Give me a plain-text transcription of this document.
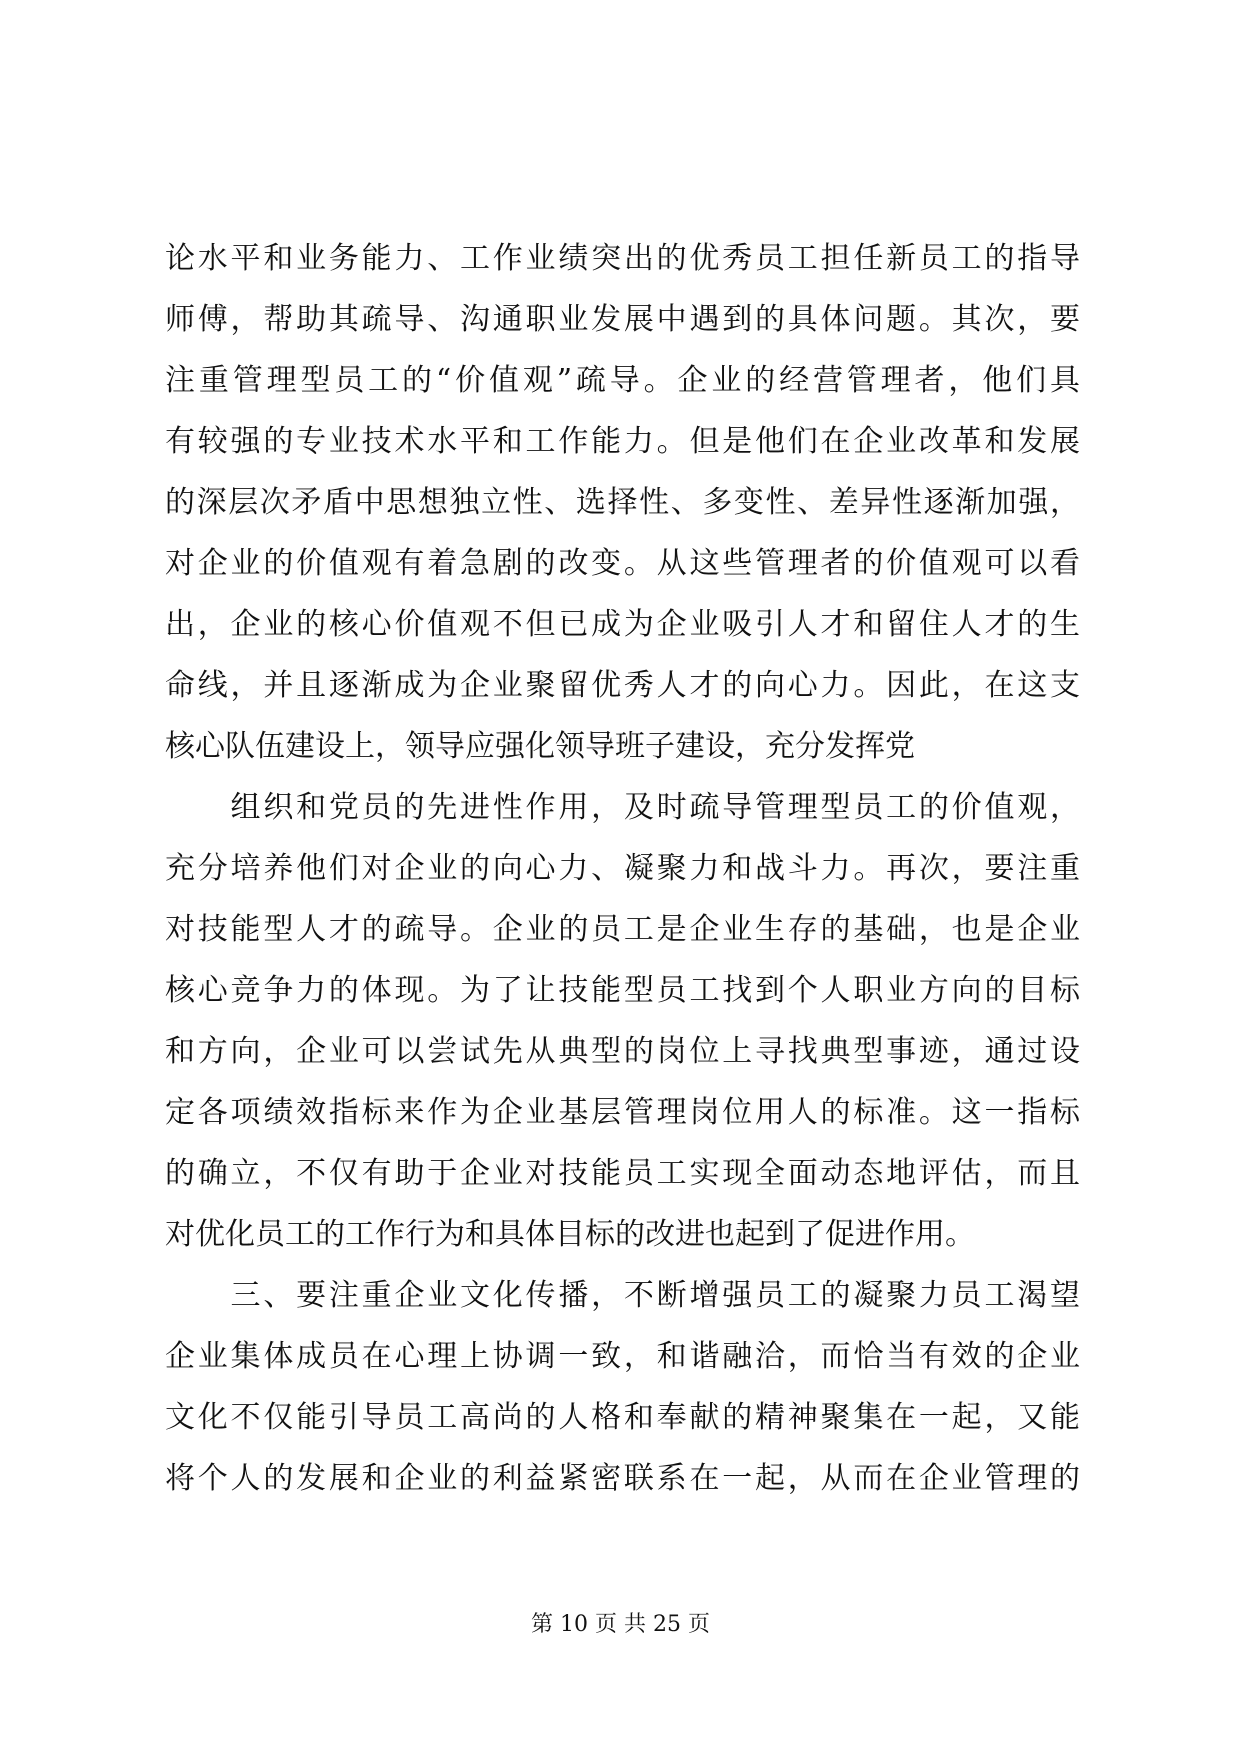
论水平和业务能力、工作业绩突出的优秀员工担任新员工的指导
师傅，帮助其疏导、沟通职业发展中遇到的具体问题。其次，要
注重管理型员工的“价值观”疏导。企业的经营管理者，他们具
有较强的专业技术水平和工作能力。但是他们在企业改革和发展
的深层次矛盾中思想独立性、选择性、多变性、差异性逐渐加强，
对企业的价值观有着急剧的改变。从这些管理者的价值观可以看
出，企业的核心价值观不但已成为企业吸引人才和留住人才的生
命线，并且逐渐成为企业聚留优秀人才的向心力。因此，在这支
核心队伍建设上，领导应强化领导班子建设，充分发挥党
　　组织和党员的先进性作用，及时疏导管理型员工的价值观，
充分培养他们对企业的向心力、凝聚力和战斗力。再次，要注重
对技能型人才的疏导。企业的员工是企业生存的基础，也是企业
核心竞争力的体现。为了让技能型员工找到个人职业方向的目标
和方向，企业可以尝试先从典型的岗位上寻找典型事迹，通过设
定各项绩效指标来作为企业基层管理岗位用人的标准。这一指标
的确立，不仅有助于企业对技能员工实现全面动态地评估，而且
对优化员工的工作行为和具体目标的改进也起到了促进作用。
　　三、要注重企业文化传播，不断增强员工的凝聚力员工渴望
企业集体成员在心理上协调一致，和谐融洽，而恰当有效的企业
文化不仅能引导员工高尚的人格和奉献的精神聚集在一起，又能
将个人的发展和企业的利益紧密联系在一起，从而在企业管理的
第 10 页 共 25 页
